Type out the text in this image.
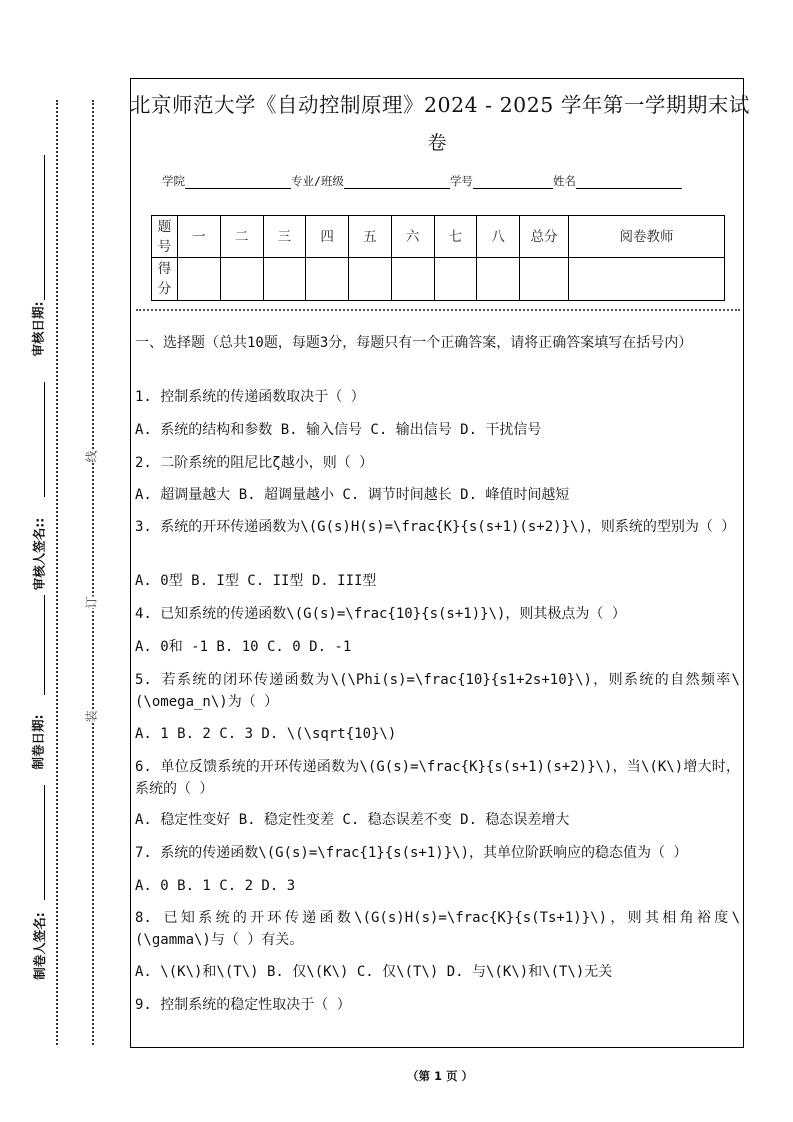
审核日期:
审核人签名::
制卷日期:
制卷人签名:
线
订
装
北京师范大学《自动控制原理》2024 - 2025 学年第一学期期末试
卷
学院	专业/班级	学号	姓名
题号	一	二	三	四	五	六	七	八	总分	阅卷教师
得分										
一、选择题（总共10题，每题3分，每题只有一个正确答案，请将正确答案填写在括号内）
1. 控制系统的传递函数取决于（ ）
A. 系统的结构和参数 B. 输入信号 C. 输出信号 D. 干扰信号
2. 二阶系统的阻尼比ζ越小，则（ ）
A. 超调量越大 B. 超调量越小 C. 调节时间越长 D. 峰值时间越短
3. 系统的开环传递函数为\(G(s)H(s)=\frac{K}{s(s+1)(s+2)}\)，则系统的型别为（ ）
A. 0型 B. I型 C. II型 D. III型
4. 已知系统的传递函数\(G(s)=\frac{10}{s(s+1)}\)，则其极点为（ ）
A. 0和 -1 B. 10 C. 0 D. -1
5. 若系统的闭环传递函数为\(\Phi(s)=\frac{10}{s1+2s+10}\)，则系统的自然频率\(\omega_n\)为（ ）
A. 1 B. 2 C. 3 D. \(\sqrt{10}\)
6. 单位反馈系统的开环传递函数为\(G(s)=\frac{K}{s(s+1)(s+2)}\)，当\(K\)增大时，系统的（ ）
A. 稳定性变好 B. 稳定性变差 C. 稳态误差不变 D. 稳态误差增大
7. 系统的传递函数\(G(s)=\frac{1}{s(s+1)}\)，其单位阶跃响应的稳态值为（ ）
A. 0 B. 1 C. 2 D. 3
8. 已知系统的开环传递函数\(G(s)H(s)=\frac{K}{s(Ts+1)}\)，则其相角裕度\(\gamma\)与（ ）有关。
A. \(K\)和\(T\) B. 仅\(K\) C. 仅\(T\) D. 与\(K\)和\(T\)无关
9. 控制系统的稳定性取决于（ ）
（第 1 页 ）
